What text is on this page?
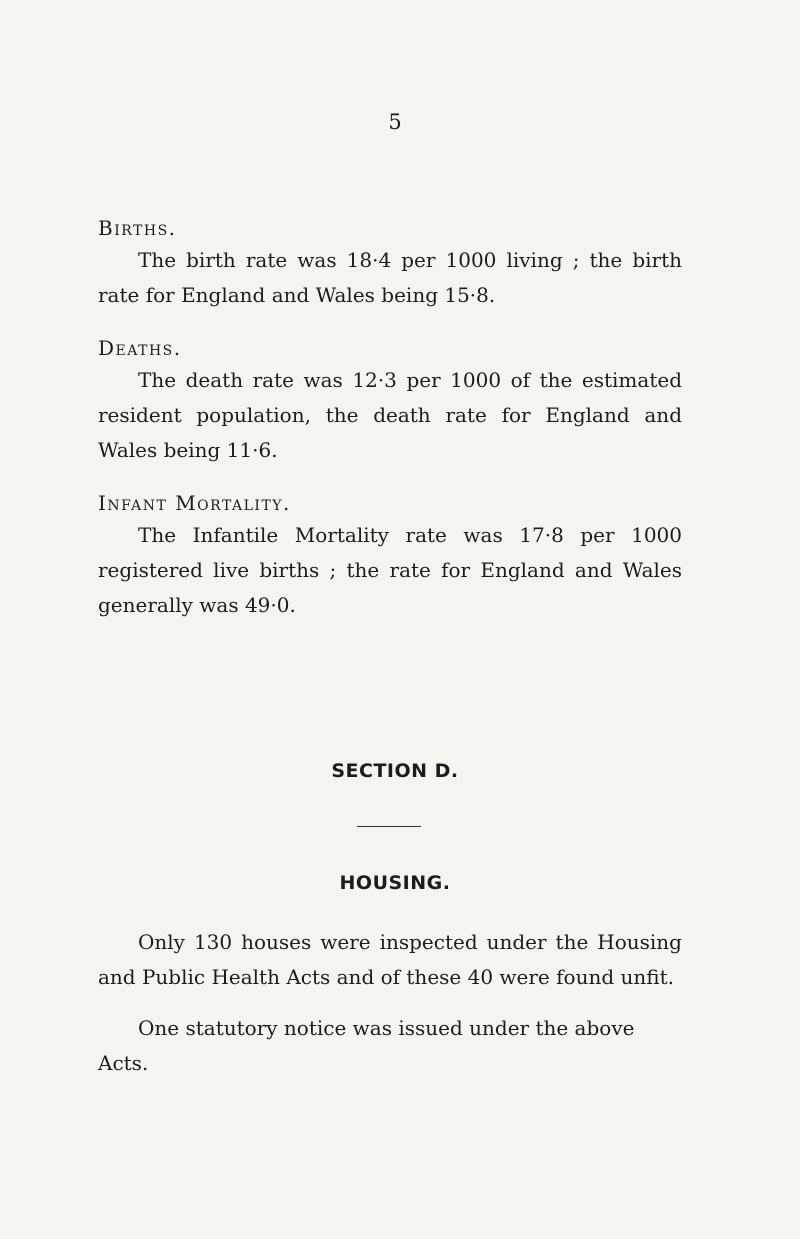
5
Births.

The birth rate was 18·4 per 1000 living ; the birth rate for England and Wales being 15·8.

Deaths.

The death rate was 12·3 per 1000 of the estimated resident population, the death rate for England and Wales being 11·6.

Infant Mortality.

The Infantile Mortality rate was 17·8 per 1000 registered live births ; the rate for England and Wales generally was 49·0.

SECTION D.
HOUSING.

Only 130 houses were inspected under the Housing and Public Health Acts and of these 40 were found unfit.

One statutory notice was issued under the above Acts.
